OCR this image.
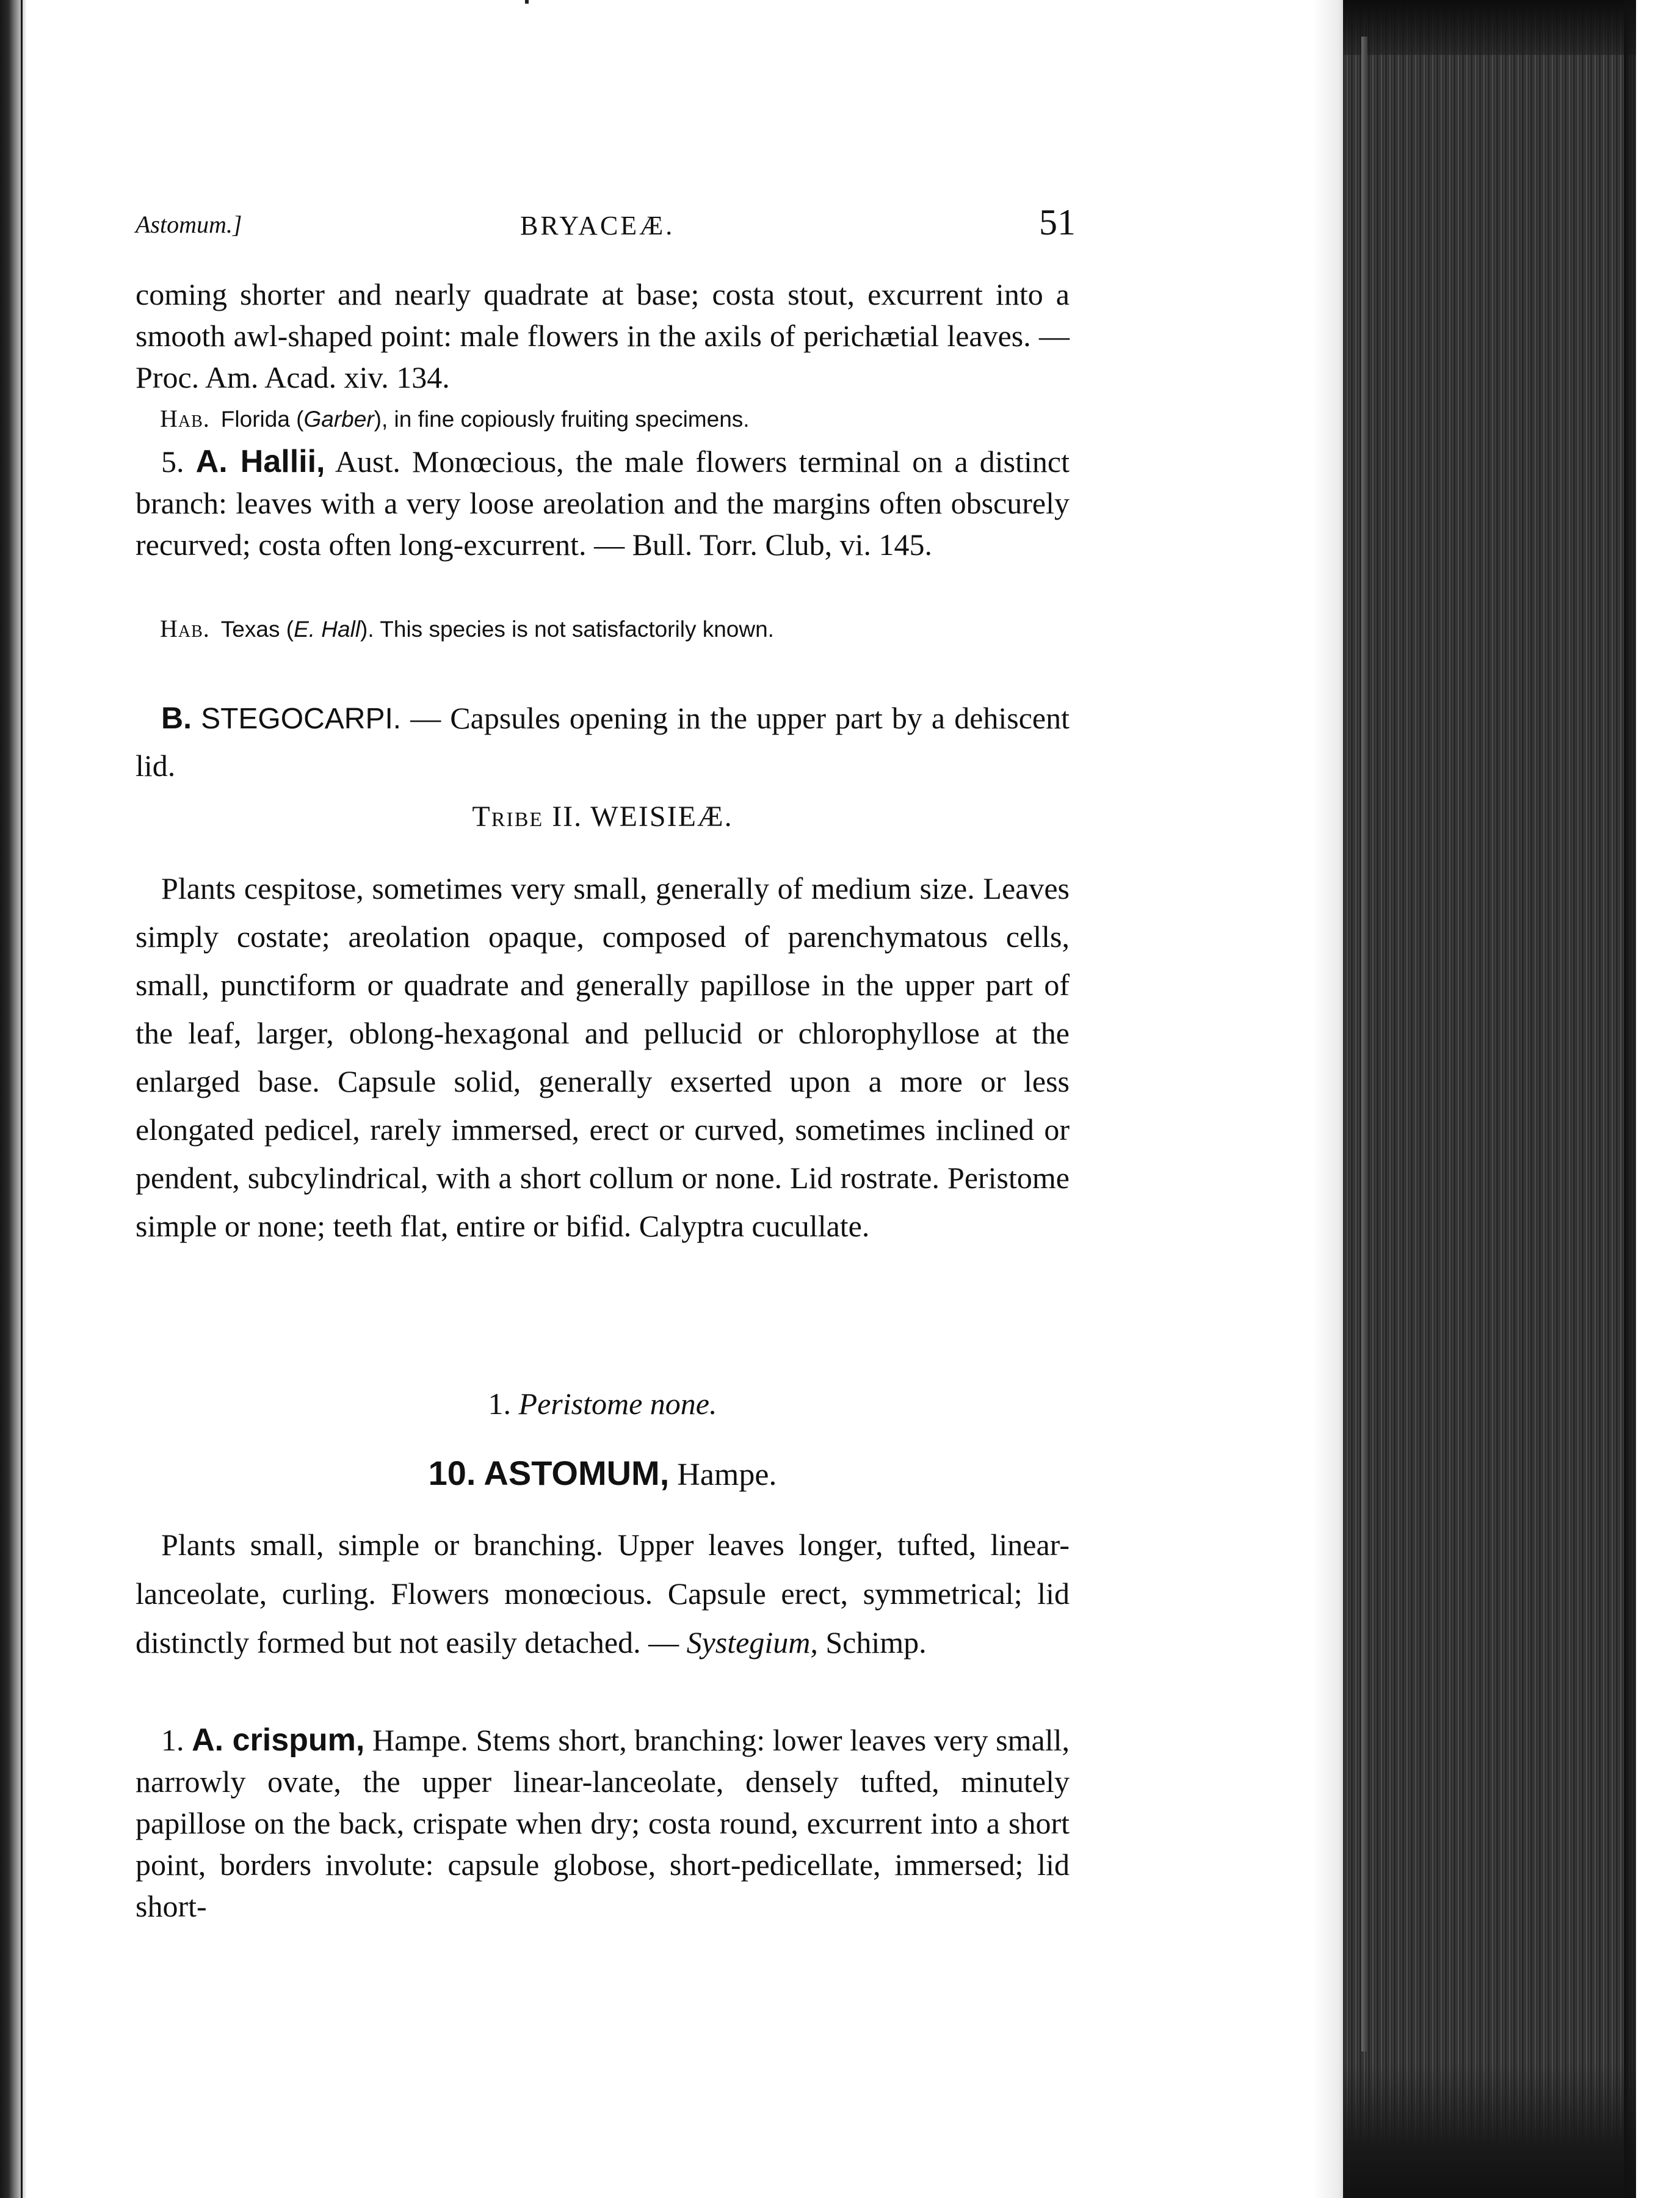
Astomum.]	BRYACEÆ.	51

coming shorter and nearly quadrate at base; costa stout, excurrent into a smooth awl-shaped point: male flowers in the axils of perichætial leaves. — Proc. Am. Acad. xiv. 134.

Hab. Florida (Garber), in fine copiously fruiting specimens.

5. A. Hallii, Aust. Monœcious, the male flowers terminal on a distinct branch: leaves with a very loose areolation and the margins often obscurely recurved; costa often long-excurrent. — Bull. Torr. Club, vi. 145.

Hab. Texas (E. Hall). This species is not satisfactorily known.

B. STEGOCARPI. — Capsules opening in the upper part by a dehiscent lid.

Tribe II. WEISIEÆ.

Plants cespitose, sometimes very small, generally of medium size. Leaves simply costate; areolation opaque, composed of parenchymatous cells, small, punctiform or quadrate and generally papillose in the upper part of the leaf, larger, oblong-hexagonal and pellucid or chlorophyllose at the enlarged base. Capsule solid, generally exserted upon a more or less elongated pedicel, rarely immersed, erect or curved, sometimes inclined or pendent, subcylindrical, with a short collum or none. Lid rostrate. Peristome simple or none; teeth flat, entire or bifid. Calyptra cucullate.

1. Peristome none.

10. ASTOMUM, Hampe.

Plants small, simple or branching. Upper leaves longer, tufted, linear-lanceolate, curling. Flowers monœcious. Capsule erect, symmetrical; lid distinctly formed but not easily detached. — Systegium, Schimp.

1. A. crispum, Hampe. Stems short, branching: lower leaves very small, narrowly ovate, the upper linear-lanceolate, densely tufted, minutely papillose on the back, crispate when dry; costa round, excurrent into a short point, borders involute: capsule globose, short-pedicellate, immersed; lid short-
